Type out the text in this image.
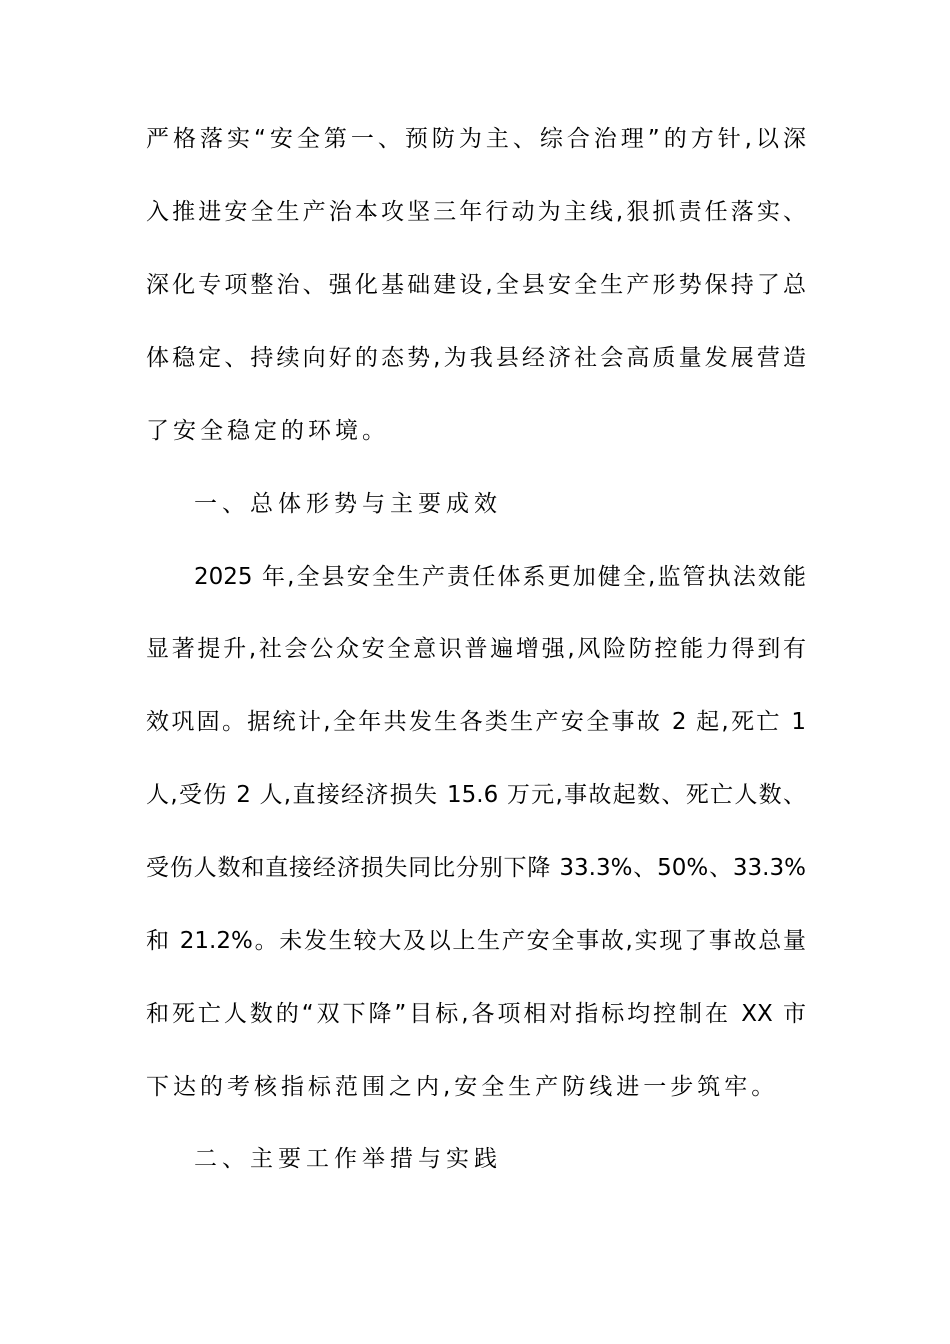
严格落实“安全第一、预防为主、综合治理”的方针,以深
入推进安全生产治本攻坚三年行动为主线,狠抓责任落实、
深化专项整治、强化基础建设,全县安全生产形势保持了总
体稳定、持续向好的态势,为我县经济社会高质量发展营造
了安全稳定的环境。
一、总体形势与主要成效
2025 年,全县安全生产责任体系更加健全,监管执法效能
显著提升,社会公众安全意识普遍增强,风险防控能力得到有
效巩固。据统计,全年共发生各类生产安全事故 2 起,死亡 1
人,受伤 2 人,直接经济损失 15.6 万元,事故起数、死亡人数、
受伤人数和直接经济损失同比分别下降 33.3%、50%、33.3%
和 21.2%。未发生较大及以上生产安全事故,实现了事故总量
和死亡人数的“双下降”目标,各项相对指标均控制在 XX 市
下达的考核指标范围之内,安全生产防线进一步筑牢。
二、主要工作举措与实践
